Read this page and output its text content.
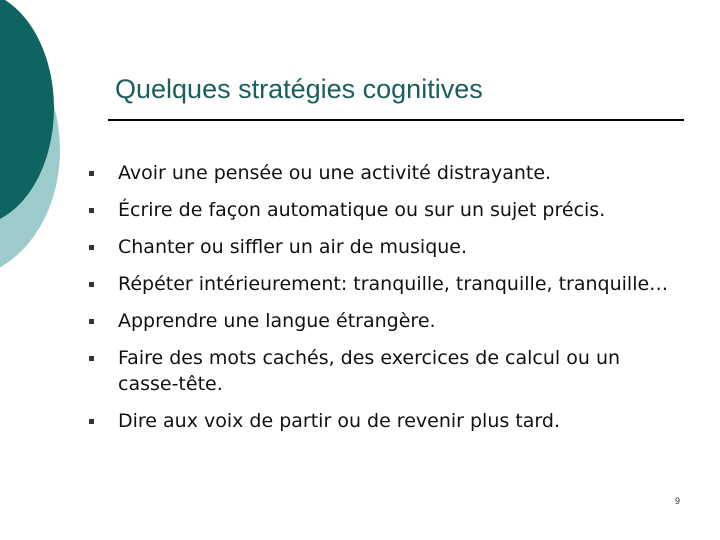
Quelques stratégies cognitives
Avoir une pensée ou une activité distrayante.
Écrire de façon automatique ou sur un sujet précis.
Chanter ou siffler un air de musique.
Répéter intérieurement: tranquille, tranquille, tranquille…
Apprendre une langue étrangère.
Faire des mots cachés, des exercices de calcul ou un casse-tête.
Dire aux voix de partir ou de revenir plus tard.
9
